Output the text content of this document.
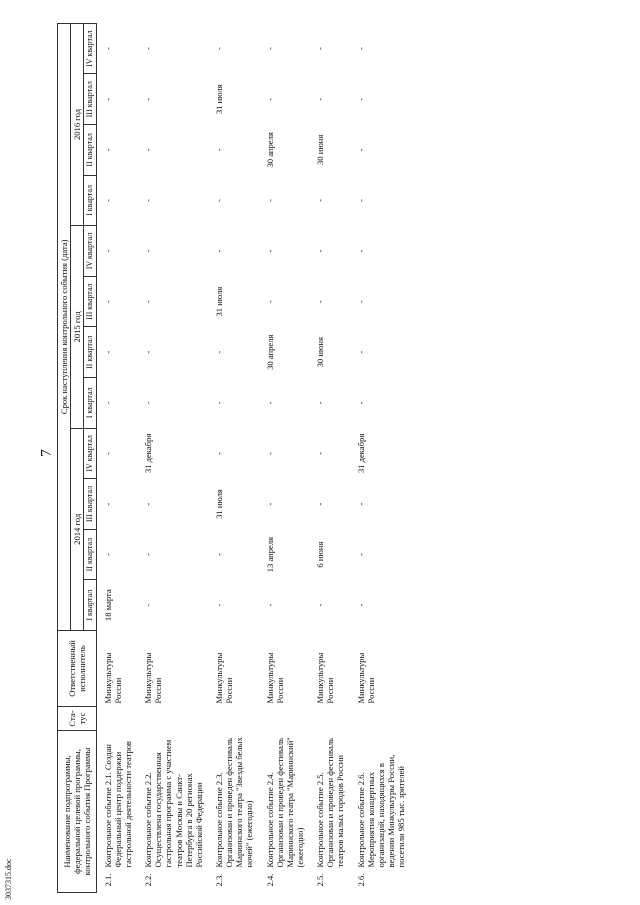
7
3037315.doc
Наименование подпрограммы, федеральной целевой программы, контрольного события Программы		Ста-тус	Ответственный исполнитель	Срок наступления контрольного события (дата)											
				2014 год				2015 год				2016 год			
				I квартал	II квартал	III квартал	IV квартал	I квартал	II квартал	III квартал	IV квартал	I квартал	II квартал	III квартал	IV квартал
2.1.	Контрольное событие 2.1. Создан Федеральный центр поддержки гастрольной деятельности театров		Минкультуры России	18 марта	-	-	-	-	-	-	-	-	-	-	-
2.2.	Контрольное событие 2.2. Осуществлена государственная гастрольная программа с участием театров Москвы и Санкт-Петербурга в 20 регионах Российской Федерации		Минкультуры России	-	-	-	31 декабря	-	-	-	-	-	-	-	-
2.3.	Контрольное событие 2.3. Организован и проведен фестиваль Мариинского театра "Звезды белых ночей" (ежегодно)		Минкультуры России	-	-	31 июля	-	-	-	31 июля	-	-	-	31 июля	-
2.4.	Контрольное событие 2.4. Организован и проведен фестиваль Мариинского театра "Мариинский" (ежегодно)		Минкультуры России	-	13 апреля	-	-	-	30 апреля	-	-	-	30 апреля	-	-
2.5.	Контрольное событие 2.5. Организован и проведен фестиваль театров малых городов России		Минкультуры России	-	6 июня	-	-	-	30 июня	-	-	-	30 июня	-	-
2.6.	Контрольное событие 2.6. Мероприятия концертных организаций, находящихся в ведении Минкультуры России, посетили 985 тыс. зрителей		Минкультуры России	-	-	-	31 декабря	-	-	-	-	-	-	-	-
